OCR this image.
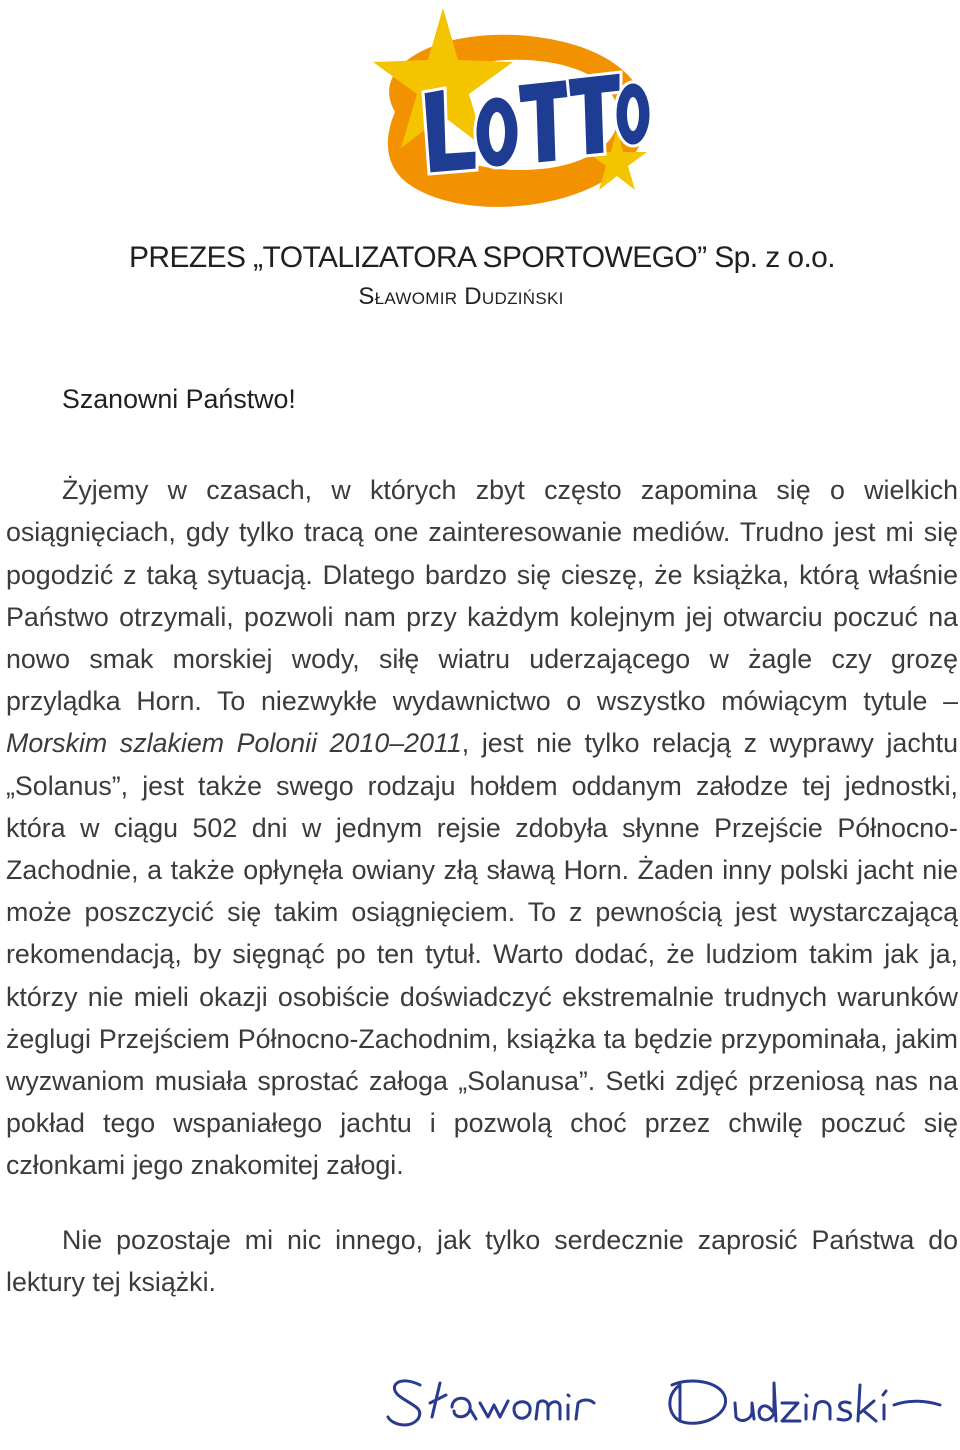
PREZES „TOTALIZATORA SPORTOWEGO” Sp. z o.o.
Sławomir Dudziński
Szanowni Państwo!

Żyjemy w czasach, w których zbyt często zapomina się o wielkich osiągnięciach, gdy tylko tracą one zainteresowanie mediów. Trudno jest mi się pogodzić z taką sytuacją. Dlatego bardzo się cieszę, że książka, którą właśnie Państwo otrzymali, pozwoli nam przy każdym kolejnym jej otwarciu poczuć na nowo smak morskiej wody, siłę wiatru uderzającego w żagle czy grozę przylądka Horn. To niezwykłe wydawnictwo o wszystko mówiącym tytule – Morskim szlakiem Polonii 2010–2011, jest nie tylko relacją z wyprawy jachtu „Solanus”, jest także swego rodzaju hołdem oddanym załodze tej jednostki, która w ciągu 502 dni w jednym rejsie zdobyła słynne Przejście Północno-Zachodnie, a także opłynęła owiany złą sławą Horn. Żaden inny polski jacht nie może poszczycić się takim osiągnięciem. To z pewnością jest wystarczającą rekomendacją, by sięgnąć po ten tytuł. Warto dodać, że ludziom takim jak ja, którzy nie mieli okazji osobiście doświadczyć ekstremalnie trudnych warunków żeglugi Przejściem Północno-Zachodnim, książka ta będzie przypominała, jakim wyzwaniom musiała sprostać załoga „Solanusa”. Setki zdjęć przeniosą nas na pokład tego wspaniałego jachtu i pozwolą choć przez chwilę poczuć się członkami jego znakomitej załogi.

Nie pozostaje mi nic innego, jak tylko serdecznie zaprosić Państwa do lektury tej książki.
